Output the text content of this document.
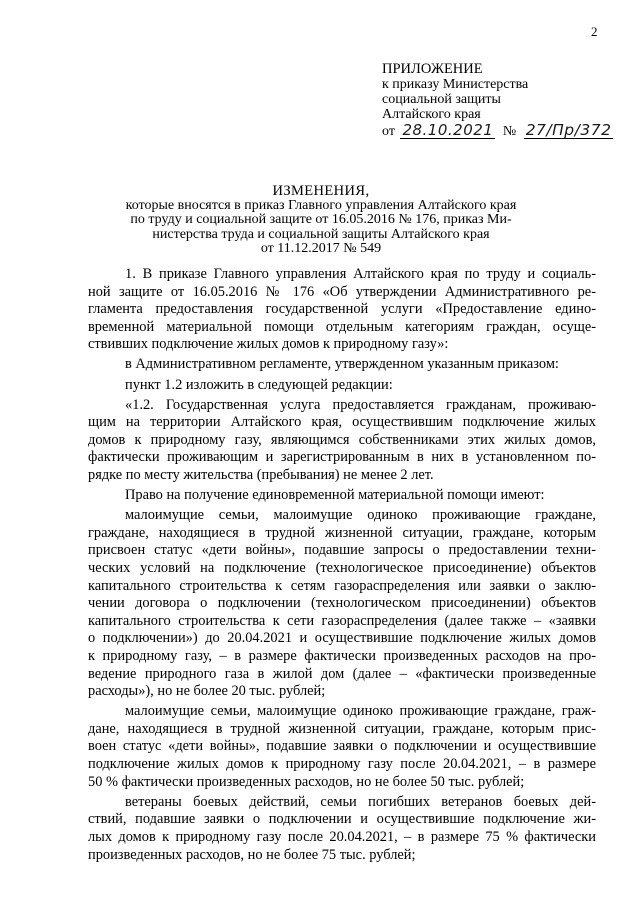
2
ПРИЛОЖЕНИЕ
к приказу Министерства
социальной защиты
Алтайского края
от 28.10.2021 № 27/Пр/372
ИЗМЕНЕНИЯ,
которые вносятся в приказ Главного управления Алтайского края
по труду и социальной защите от 16.05.2016 № 176, приказ Ми-
нистерства труда и социальной защиты Алтайского края
от 11.12.2017 № 549
1. В приказе Главного управления Алтайского края по труду и социаль-
ной защите от 16.05.2016 № 176 «Об утверждении Административного ре-
гламента предоставления государственной услуги «Предоставление едино-
временной материальной помощи отдельным категориям граждан, осуще-
ствивших подключение жилых домов к природному газу»:
в Административном регламенте, утвержденном указанным приказом:
пункт 1.2 изложить в следующей редакции:
«1.2. Государственная услуга предоставляется гражданам, проживаю-
щим на территории Алтайского края, осуществившим подключение жилых
домов к природному газу, являющимся собственниками этих жилых домов,
фактически проживающим и зарегистрированным в них в установленном по-
рядке по месту жительства (пребывания) не менее 2 лет.
Право на получение единовременной материальной помощи имеют:
малоимущие семьи, малоимущие одиноко проживающие граждане,
граждане, находящиеся в трудной жизненной ситуации, граждане, которым
присвоен статус «дети войны», подавшие запросы о предоставлении техни-
ческих условий на подключение (технологическое присоединение) объектов
капитального строительства к сетям газораспределения или заявки о заклю-
чении договора о подключении (технологическом присоединении) объектов
капитального строительства к сети газораспределения (далее также – «заявки
о подключении») до 20.04.2021 и осуществившие подключение жилых домов
к природному газу, – в размере фактически произведенных расходов на про-
ведение природного газа в жилой дом (далее – «фактически произведенные
расходы»), но не более 20 тыс. рублей;
малоимущие семьи, малоимущие одиноко проживающие граждане, граж-
дане, находящиеся в трудной жизненной ситуации, граждане, которым прис-
воен статус «дети войны», подавшие заявки о подключении и осуществившие
подключение жилых домов к природному газу после 20.04.2021, – в размере
50 % фактически произведенных расходов, но не более 50 тыс. рублей;
ветераны боевых действий, семьи погибших ветеранов боевых дей-
ствий, подавшие заявки о подключении и осуществившие подключение жи-
лых домов к природному газу после 20.04.2021, – в размере 75 % фактически
произведенных расходов, но не более 75 тыс. рублей;
